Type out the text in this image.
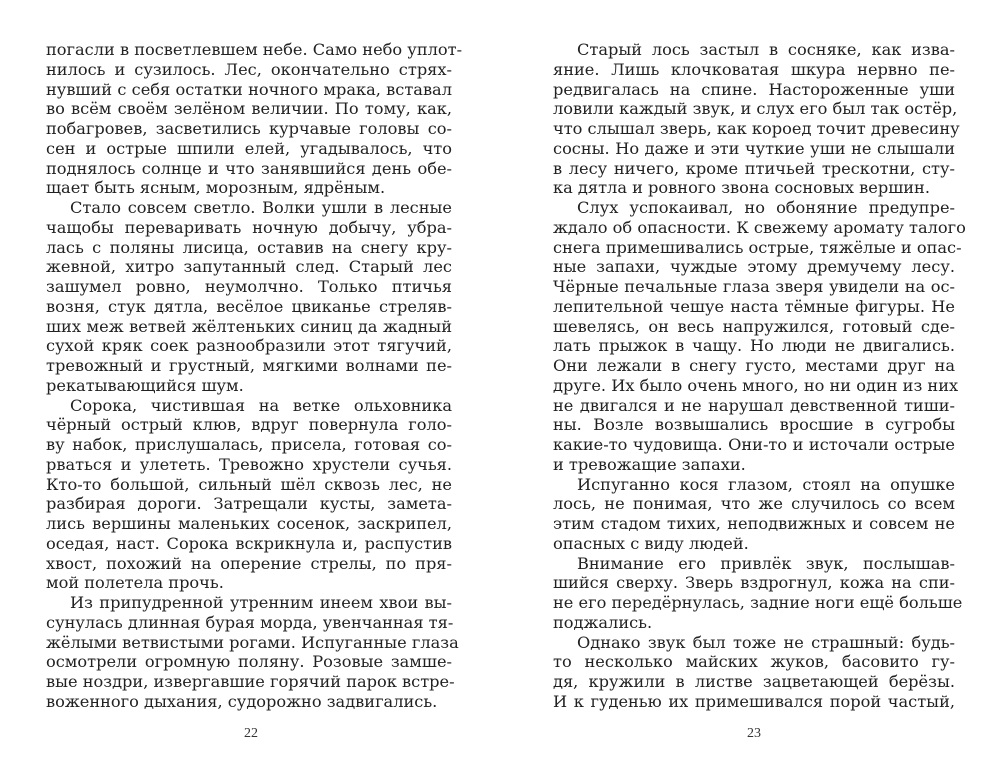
погасли в посветлевшем небе. Само небо уплот-
нилось и сузилось. Лес, окончательно стрях-
нувший с себя остатки ночного мрака, вставал
во всём своём зелёном величии. По тому, как,
побагровев, засветились курчавые головы со-
сен и острые шпили елей, угадывалось, что
поднялось солнце и что занявшийся день обе-
щает быть ясным, морозным, ядрёным.
Стало совсем светло. Волки ушли в лесные
чащобы переваривать ночную добычу, убра-
лась с поляны лисица, оставив на снегу кру-
жевной, хитро запутанный след. Старый лес
зашумел ровно, неумолчно. Только птичья
возня, стук дятла, весёлое цвиканье стреляв-
ших меж ветвей жёлтеньких синиц да жадный
сухой кряк соек разнообразили этот тягучий,
тревожный и грустный, мягкими волнами пе-
рекатывающийся шум.
Сорока, чистившая на ветке ольховника
чёрный острый клюв, вдруг повернула голо-
ву набок, прислушалась, присела, готовая со-
рваться и улететь. Тревожно хрустели сучья.
Кто-то большой, сильный шёл сквозь лес, не
разбирая дороги. Затрещали кусты, замета-
лись вершины маленьких сосенок, заскрипел,
оседая, наст. Сорока вскрикнула и, распустив
хвост, похожий на оперение стрелы, по пря-
мой полетела прочь.
Из припудренной утренним инеем хвои вы-
сунулась длинная бурая морда, увенчанная тя-
жёлыми ветвистыми рогами. Испуганные глаза
осмотрели огромную поляну. Розовые замше-
вые ноздри, извергавшие горячий парок встре-
воженного дыхания, судорожно задвигались.
Старый лось застыл в сосняке, как изва-
яние. Лишь клочковатая шкура нервно пе-
редвигалась на спине. Настороженные уши
ловили каждый звук, и слух его был так остёр,
что слышал зверь, как короед точит древесину
сосны. Но даже и эти чуткие уши не слышали
в лесу ничего, кроме птичьей трескотни, сту-
ка дятла и ровного звона сосновых вершин.
Слух успокаивал, но обоняние предупре-
ждало об опасности. К свежему аромату талого
снега примешивались острые, тяжёлые и опас-
ные запахи, чуждые этому дремучему лесу.
Чёрные печальные глаза зверя увидели на ос-
лепительной чешуе наста тёмные фигуры. Не
шевелясь, он весь напружился, готовый сде-
лать прыжок в чащу. Но люди не двигались.
Они лежали в снегу густо, местами друг на
друге. Их было очень много, но ни один из них
не двигался и не нарушал девственной тиши-
ны. Возле возвышались вросшие в сугробы
какие-то чудовища. Они-то и источали острые
и тревожащие запахи.
Испуганно кося глазом, стоял на опушке
лось, не понимая, что же случилось со всем
этим стадом тихих, неподвижных и совсем не
опасных с виду людей.
Внимание его привлёк звук, послышав-
шийся сверху. Зверь вздрогнул, кожа на спи-
не его передёрнулась, задние ноги ещё больше
поджались.
Однако звук был тоже не страшный: будь-
то несколько майских жуков, басовито гу-
дя, кружили в листве зацветающей берёзы.
И к гуденью их примешивался порой частый,
22	23
